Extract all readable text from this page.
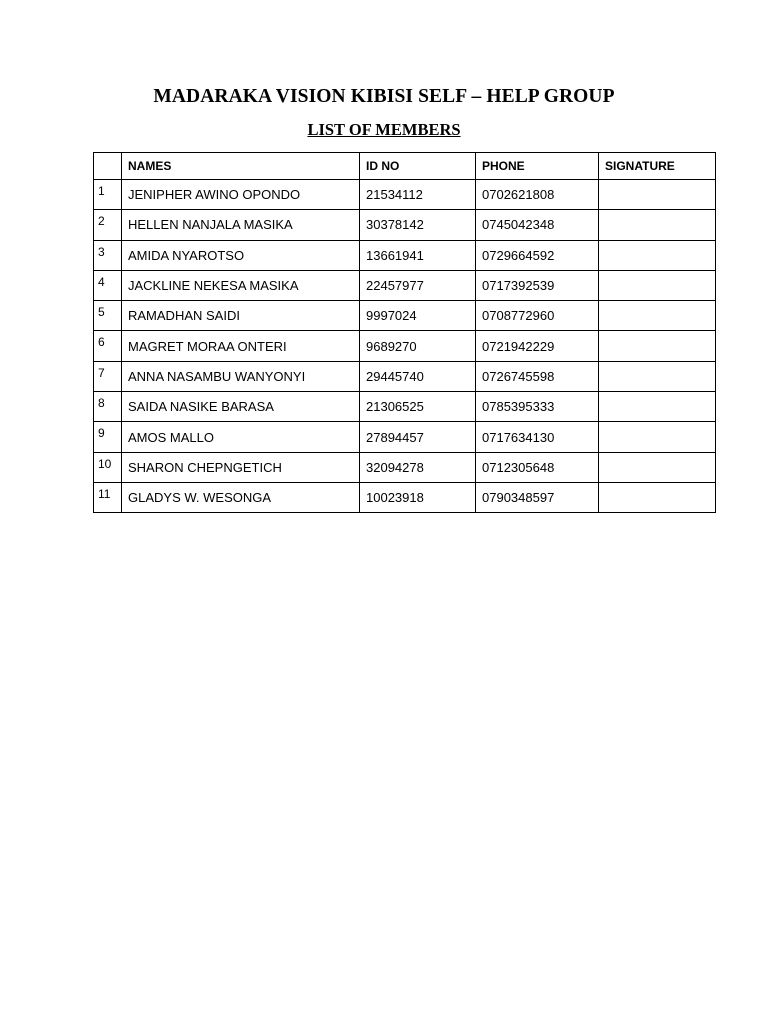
MADARAKA VISION KIBISI SELF – HELP GROUP
LIST OF MEMBERS
	NAMES	ID NO	PHONE	SIGNATURE
1	JENIPHER AWINO OPONDO	21534112	0702621808	
2	HELLEN NANJALA MASIKA	30378142	0745042348	
3	AMIDA NYAROTSO	13661941	0729664592	
4	JACKLINE NEKESA MASIKA	22457977	0717392539	
5	RAMADHAN SAIDI	9997024	0708772960	
6	MAGRET MORAA ONTERI	9689270	0721942229	
7	ANNA NASAMBU WANYONYI	29445740	0726745598	
8	SAIDA NASIKE BARASA	21306525	0785395333	
9	AMOS MALLO	27894457	0717634130	
10	SHARON CHEPNGETICH	32094278	0712305648	
11	GLADYS W. WESONGA	10023918	0790348597	
